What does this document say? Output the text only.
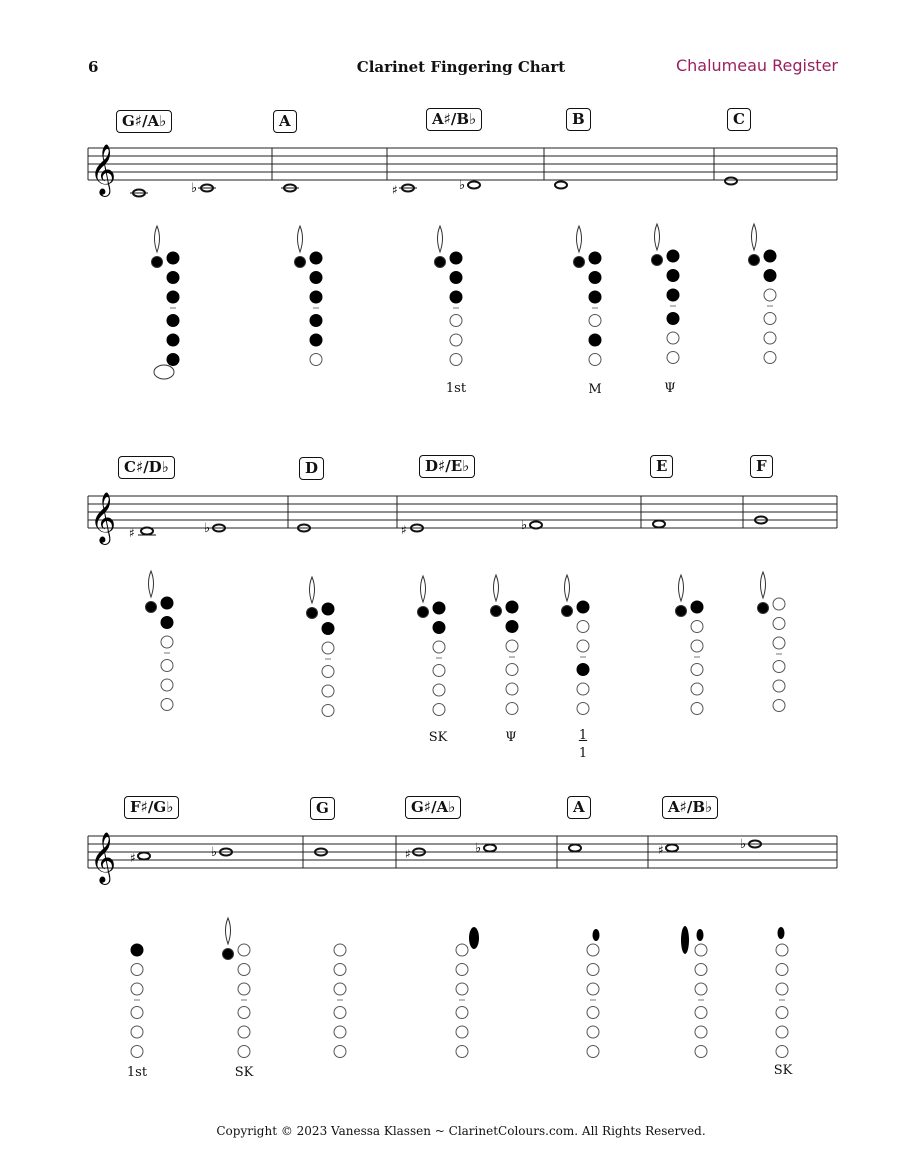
6	Clarinet Fingering Chart	Chalumeau Register
G♯/A♭	A	A♯/B♭	B	C
C♯/D♭	D	D♯/E♭	E	F
F♯/G♭	G	G♯/A♭	A	A♯/B♭
𝄞	♭	♯	♭
𝄞 ♯	♭	♯	♭
𝄞 ♯	♭	♯	♭	♯	♭
1st	M	Ψ
SK	Ψ	1
1
1st	SK	SK
Copyright © 2023 Vanessa Klassen ~ ClarinetColours.com. All Rights Reserved.
